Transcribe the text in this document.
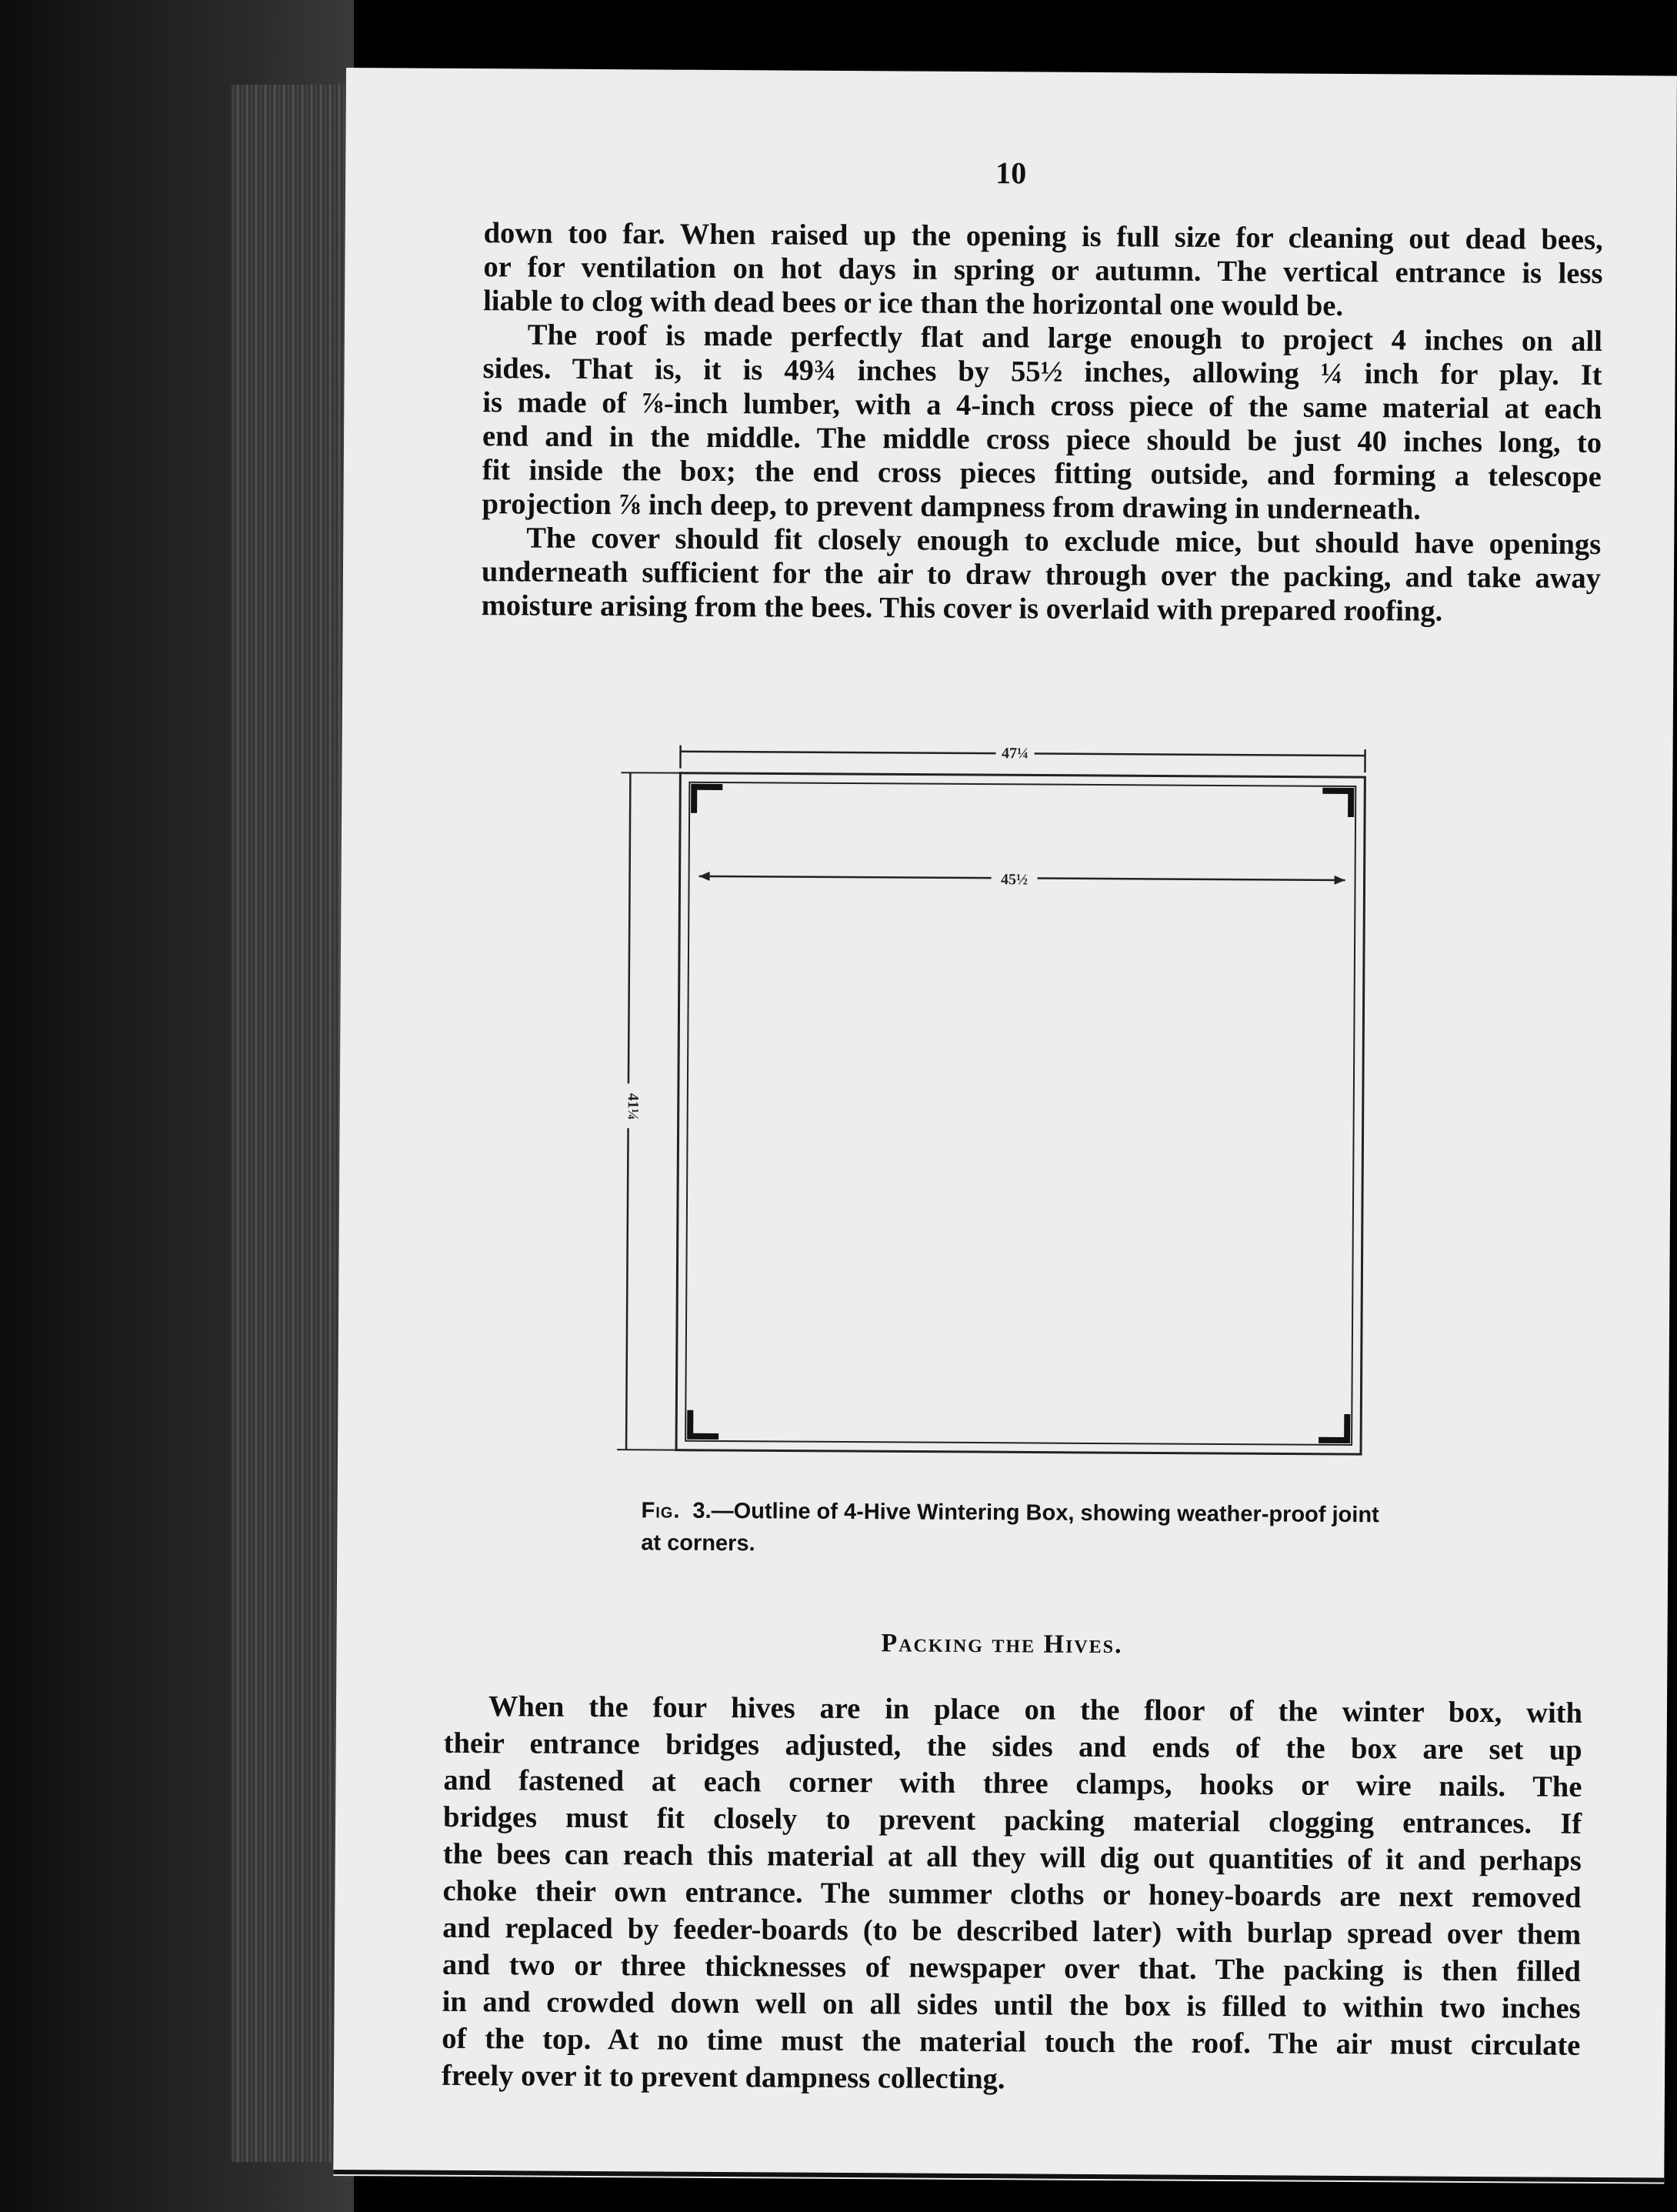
10
down too far. When raised up the opening is full size for cleaning out dead bees,
or for ventilation on hot days in spring or autumn. The vertical entrance is less
liable to clog with dead bees or ice than the horizontal one would be.
The roof is made perfectly flat and large enough to project 4 inches on all
sides. That is, it is 49¾ inches by 55½ inches, allowing ¼ inch for play. It
is made of ⅞-inch lumber, with a 4-inch cross piece of the same material at each
end and in the middle. The middle cross piece should be just 40 inches long, to
fit inside the box; the end cross pieces fitting outside, and forming a telescope
projection ⅞ inch deep, to prevent dampness from drawing in underneath.
The cover should fit closely enough to exclude mice, but should have openings
underneath sufficient for the air to draw through over the packing, and take away
moisture arising from the bees. This cover is overlaid with prepared roofing.
47¼
45½
41¼
Fig. 3.—Outline of 4-Hive Wintering Box, showing weather-proof joint at corners.
Packing the Hives.
When the four hives are in place on the floor of the winter box, with
their entrance bridges adjusted, the sides and ends of the box are set up
and fastened at each corner with three clamps, hooks or wire nails. The
bridges must fit closely to prevent packing material clogging entrances. If
the bees can reach this material at all they will dig out quantities of it and perhaps
choke their own entrance. The summer cloths or honey-boards are next removed
and replaced by feeder-boards (to be described later) with burlap spread over them
and two or three thicknesses of newspaper over that. The packing is then filled
in and crowded down well on all sides until the box is filled to within two inches
of the top. At no time must the material touch the roof. The air must circulate
freely over it to prevent dampness collecting.
